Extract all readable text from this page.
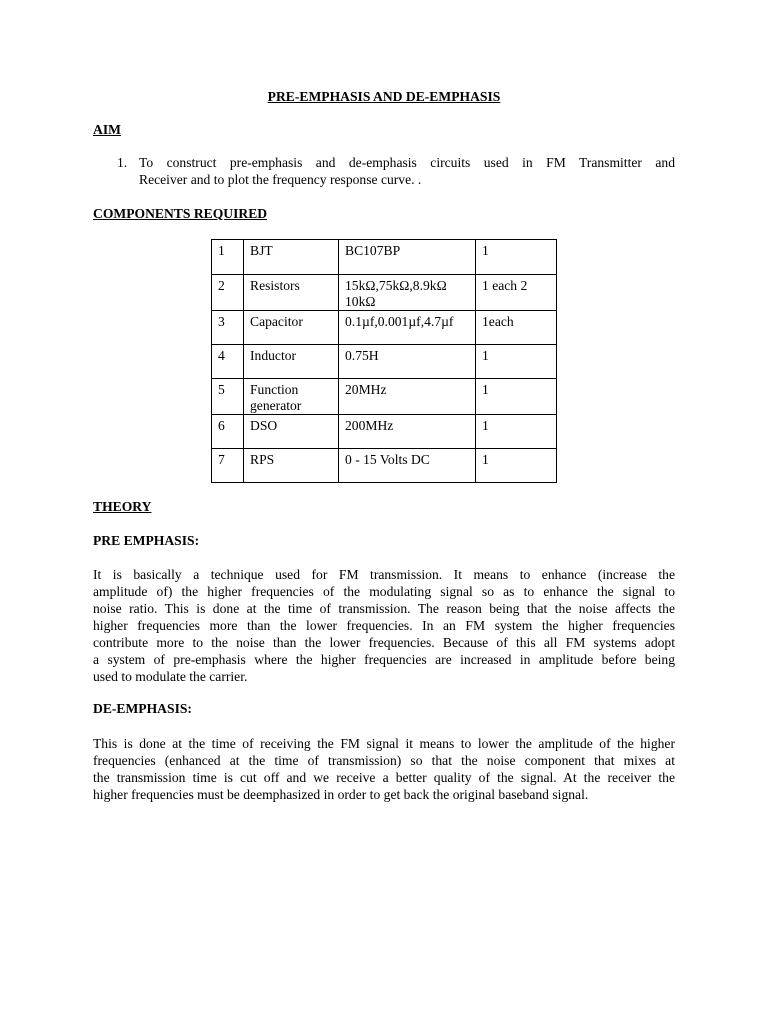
PRE-EMPHASIS AND DE-EMPHASIS
AIM
1. To construct pre-emphasis and de-emphasis circuits used in FM Transmitter and
Receiver and to plot the frequency response curve. .
COMPONENTS REQUIRED
1	BJT	BC107BP	1
2	Resistors	15kΩ,75kΩ,8.9kΩ 10kΩ	1 each 2
3	Capacitor	0.1µf,0.001µf,4.7µf	1each
4	Inductor	0.75H	1
5	Function generator	20MHz	1
6	DSO	200MHz	1
7	RPS	0 - 15 Volts DC	1
THEORY
PRE EMPHASIS:
It is basically a technique used for FM transmission. It means to enhance (increase the
amplitude of) the higher frequencies of the modulating signal so as to enhance the signal to
noise ratio. This is done at the time of transmission. The reason being that the noise affects the
higher frequencies more than the lower frequencies. In an FM system the higher frequencies
contribute more to the noise than the lower frequencies. Because of this all FM systems adopt
a system of pre-emphasis where the higher frequencies are increased in amplitude before being
used to modulate the carrier.
DE-EMPHASIS:
This is done at the time of receiving the FM signal it means to lower the amplitude of the higher
frequencies (enhanced at the time of transmission) so that the noise component that mixes at
the transmission time is cut off and we receive a better quality of the signal. At the receiver the
higher frequencies must be deemphasized in order to get back the original baseband signal.
